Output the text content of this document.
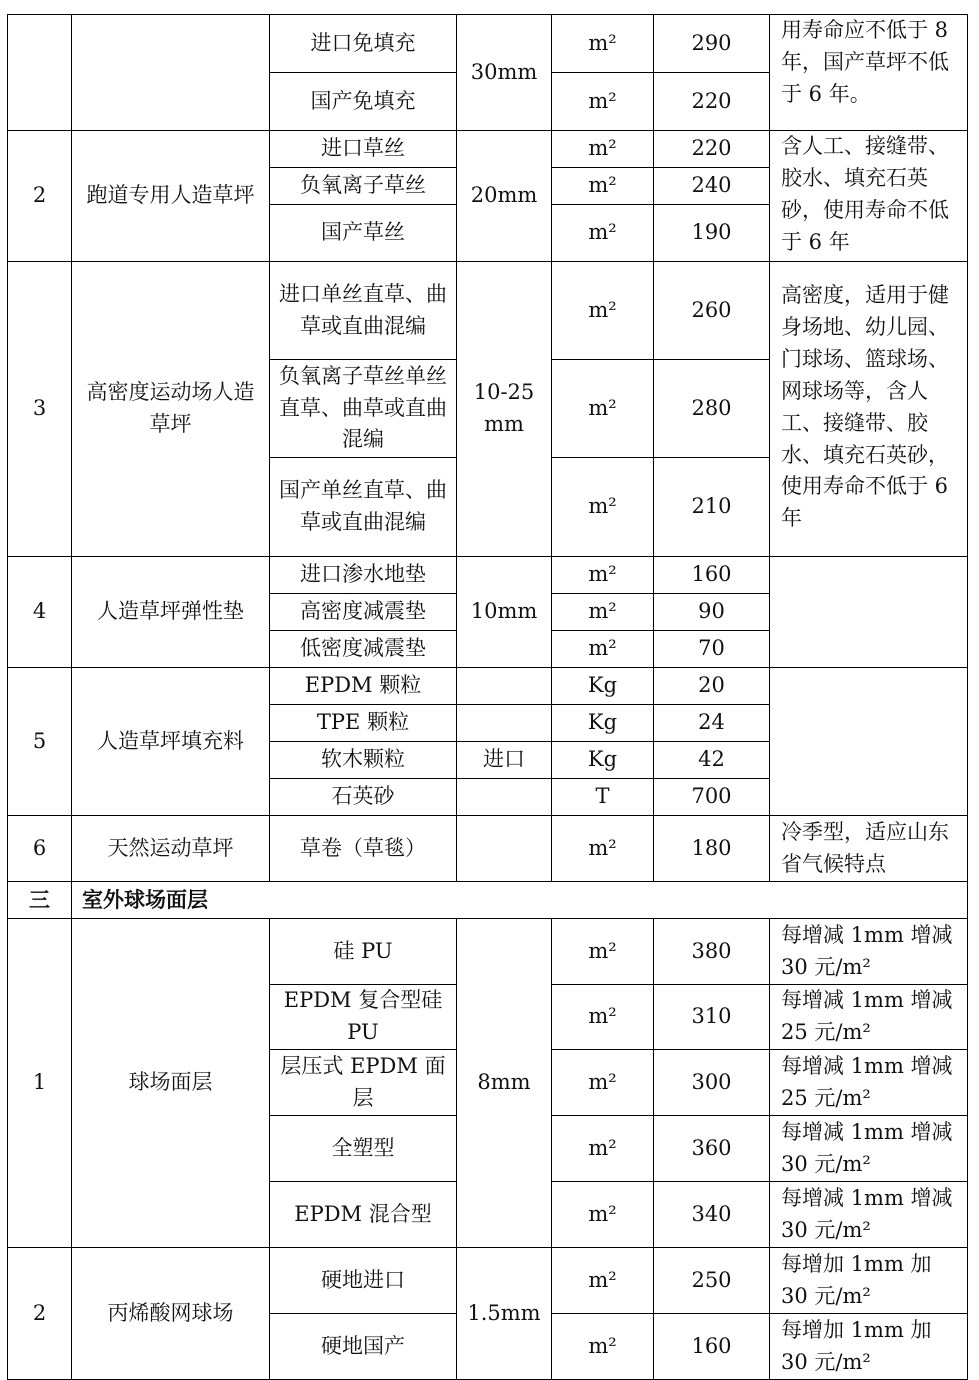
		进口免填充	30mm	m²	290	用寿命应不低于 8 年，国产草坪不低于 6 年。
		国产免填充		m²	220	
2	跑道专用人造草坪	进口草丝	20mm	m²	220	含人工、接缝带、胶水、填充石英砂，使用寿命不低于 6 年
		负氧离子草丝		m²	240	
		国产草丝		m²	190	
3	高密度运动场人造草坪	进口单丝直草、曲草或直曲混编	10-25 mm	m²	260	高密度，适用于健身场地、幼儿园、门球场、篮球场、网球场等，含人工、接缝带、胶水、填充石英砂，使用寿命不低于 6 年
		负氧离子草丝单丝直草、曲草或直曲混编		m²	280	
		国产单丝直草、曲草或直曲混编		m²	210	
4	人造草坪弹性垫	进口渗水地垫	10mm	m²	160	
		高密度减震垫		m²	90	
		低密度减震垫		m²	70	
5	人造草坪填充料	EPDM 颗粒		Kg	20	
		TPE 颗粒		Kg	24	
		软木颗粒	进口	Kg	42	
		石英砂		T	700	
6	天然运动草坪	草卷（草毯）		m²	180	冷季型，适应山东省气候特点
三	室外球场面层					
1	球场面层	硅 PU	8mm	m²	380	每增减 1mm 增减 30 元/m²
		EPDM 复合型硅 PU		m²	310	每增减 1mm 增减 25 元/m²
		层压式 EPDM 面层		m²	300	每增减 1mm 增减 25 元/m²
		全塑型		m²	360	每增减 1mm 增减 30 元/m²
		EPDM 混合型		m²	340	每增减 1mm 增减 30 元/m²
2	丙烯酸网球场	硬地进口	1.5mm	m²	250	每增加 1mm 加 30 元/m²
		硬地国产		m²	160	每增加 1mm 加 30 元/m²
